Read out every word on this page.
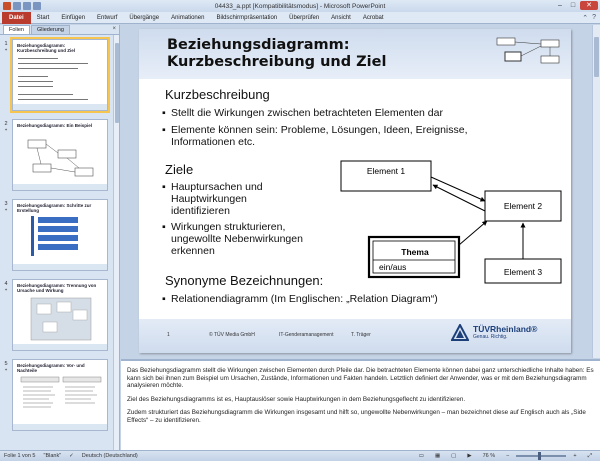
04433_a.ppt [Kompatibilitätsmodus] - Microsoft PowerPoint	–	□	✕
Datei	Start	Einfügen	Entwurf	Übergänge	Animationen	Bildschirmpräsentation	Überprüfen	Ansicht	Acrobat	⌃ ?
Folien	Gliederung	×
1
✦
Beziehungsdiagramm: Kurzbeschreibung und Ziel
2
✦
Beziehungsdiagramm: Ein Beispiel
3
✦
Beziehungsdiagramm: Schritte zur Erstellung
4
✦
Beziehungsdiagramm: Trennung von Ursache und Wirkung
5
✦
Beziehungsdiagramm: Vor- und Nachteile
Beziehungsdiagramm:
Kurzbeschreibung und Ziel
Kurzbeschreibung
▪ Stellt die Wirkungen zwischen betrachteten Elementen dar
▪ Elemente können sein: Probleme, Lösungen, Ideen, Ereignisse,
Informationen etc.
Ziele
▪ Hauptursachen und
Hauptwirkungen
identifizieren
▪ Wirkungen strukturieren,
ungewollte Nebenwirkungen
erkennen
Element 1
Element 2
Element 3
Thema
ein/aus
Synonyme Bezeichnungen:
▪ Relationendiagramm (Im Englischen: „Relation Diagram“)
1	© TÜV Media GmbH	IT-Genderamanagement	T. Träger
TÜVRheinland®
Genau. Richtig.

Das Beziehungsdiagramm stellt die Wirkungen zwischen Elementen durch Pfeile dar. Die betrachteten Elemente können dabei ganz unterschiedliche Inhalte haben: Es kann sich bei ihnen zum Beispiel um Ursachen, Zustände, Informationen und Fakten handeln. Letztlich definiert der Anwender, was er mit dem Beziehungsdiagramm analysieren möchte.

Ziel des Beziehungsdiagramms ist es, Hauptauslöser sowie Hauptwirkungen in dem Beziehungsgeflecht zu identifizieren.

Zudem strukturiert das Beziehungsdiagramm die Wirkungen insgesamt und hilft so, ungewollte Nebenwirkungen – man bezeichnet diese auf Englisch auch als „Side Effects“ – zu identifizieren.

Folie 1 von 5	"Blank"	✓	Deutsch (Deutschland)	▭	▦	▢	▶	76 %	−	+	⤢
